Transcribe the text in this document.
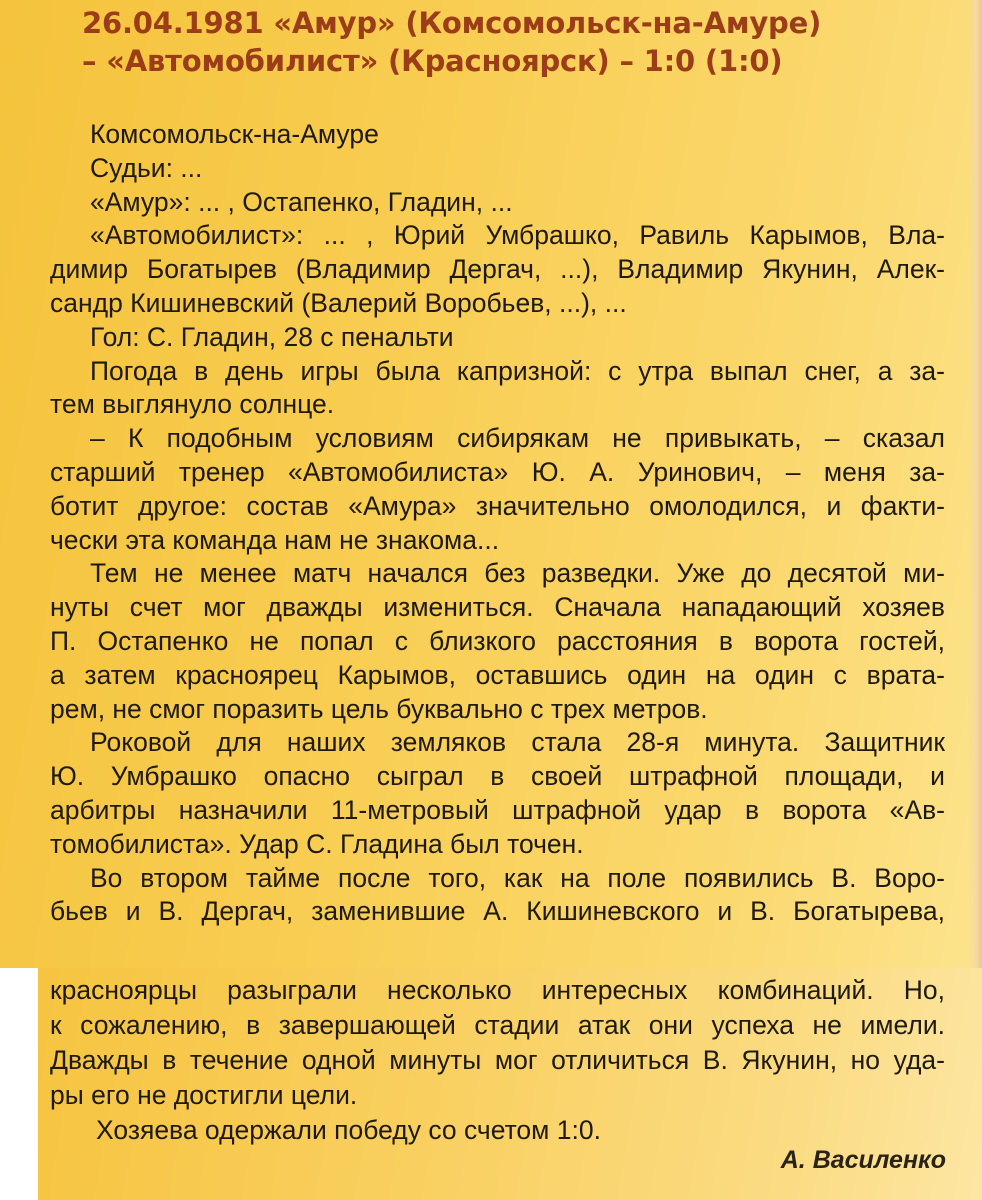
26.04.1981 «Амур» (Комсомольск-на-Амуре)
– «Автомобилист» (Красноярск) – 1:0 (1:0)
Комсомольск-на-Амуре
Судьи: ...
«Амур»: ... , Остапенко, Гладин, ...
«Автомобилист»: ... , Юрий Умбрашко, Равиль Карымов, Вла-
димир Богатырев (Владимир Дергач, ...), Владимир Якунин, Алек-
сандр Кишиневский (Валерий Воробьев, ...), ...
Гол: С. Гладин, 28 с пенальти
Погода в день игры была капризной: с утра выпал снег, а за-
тем выглянуло солнце.
– К подобным условиям сибирякам не привыкать, – сказал
старший тренер «Автомобилиста» Ю. А. Уринович, – меня за-
ботит другое: состав «Амура» значительно омолодился, и факти-
чески эта команда нам не знакома...
Тем не менее матч начался без разведки. Уже до десятой ми-
нуты счет мог дважды измениться. Сначала нападающий хозяев
П. Остапенко не попал с близкого расстояния в ворота гостей,
а затем красноярец Карымов, оставшись один на один с врата-
рем, не смог поразить цель буквально с трех метров.
Роковой для наших земляков стала 28-я минута. Защитник
Ю. Умбрашко опасно сыграл в своей штрафной площади, и
арбитры назначили 11-метровый штрафной удар в ворота «Ав-
томобилиста». Удар С. Гладина был точен.
Во втором тайме после того, как на поле появились В. Воро-
бьев и В. Дергач, заменившие А. Кишиневского и В. Богатырева,
красноярцы разыграли несколько интересных комбинаций. Но,
к сожалению, в завершающей стадии атак они успеха не имели.
Дважды в течение одной минуты мог отличиться В. Якунин, но уда-
ры его не достигли цели.
Хозяева одержали победу со счетом 1:0.
А. Василенко
